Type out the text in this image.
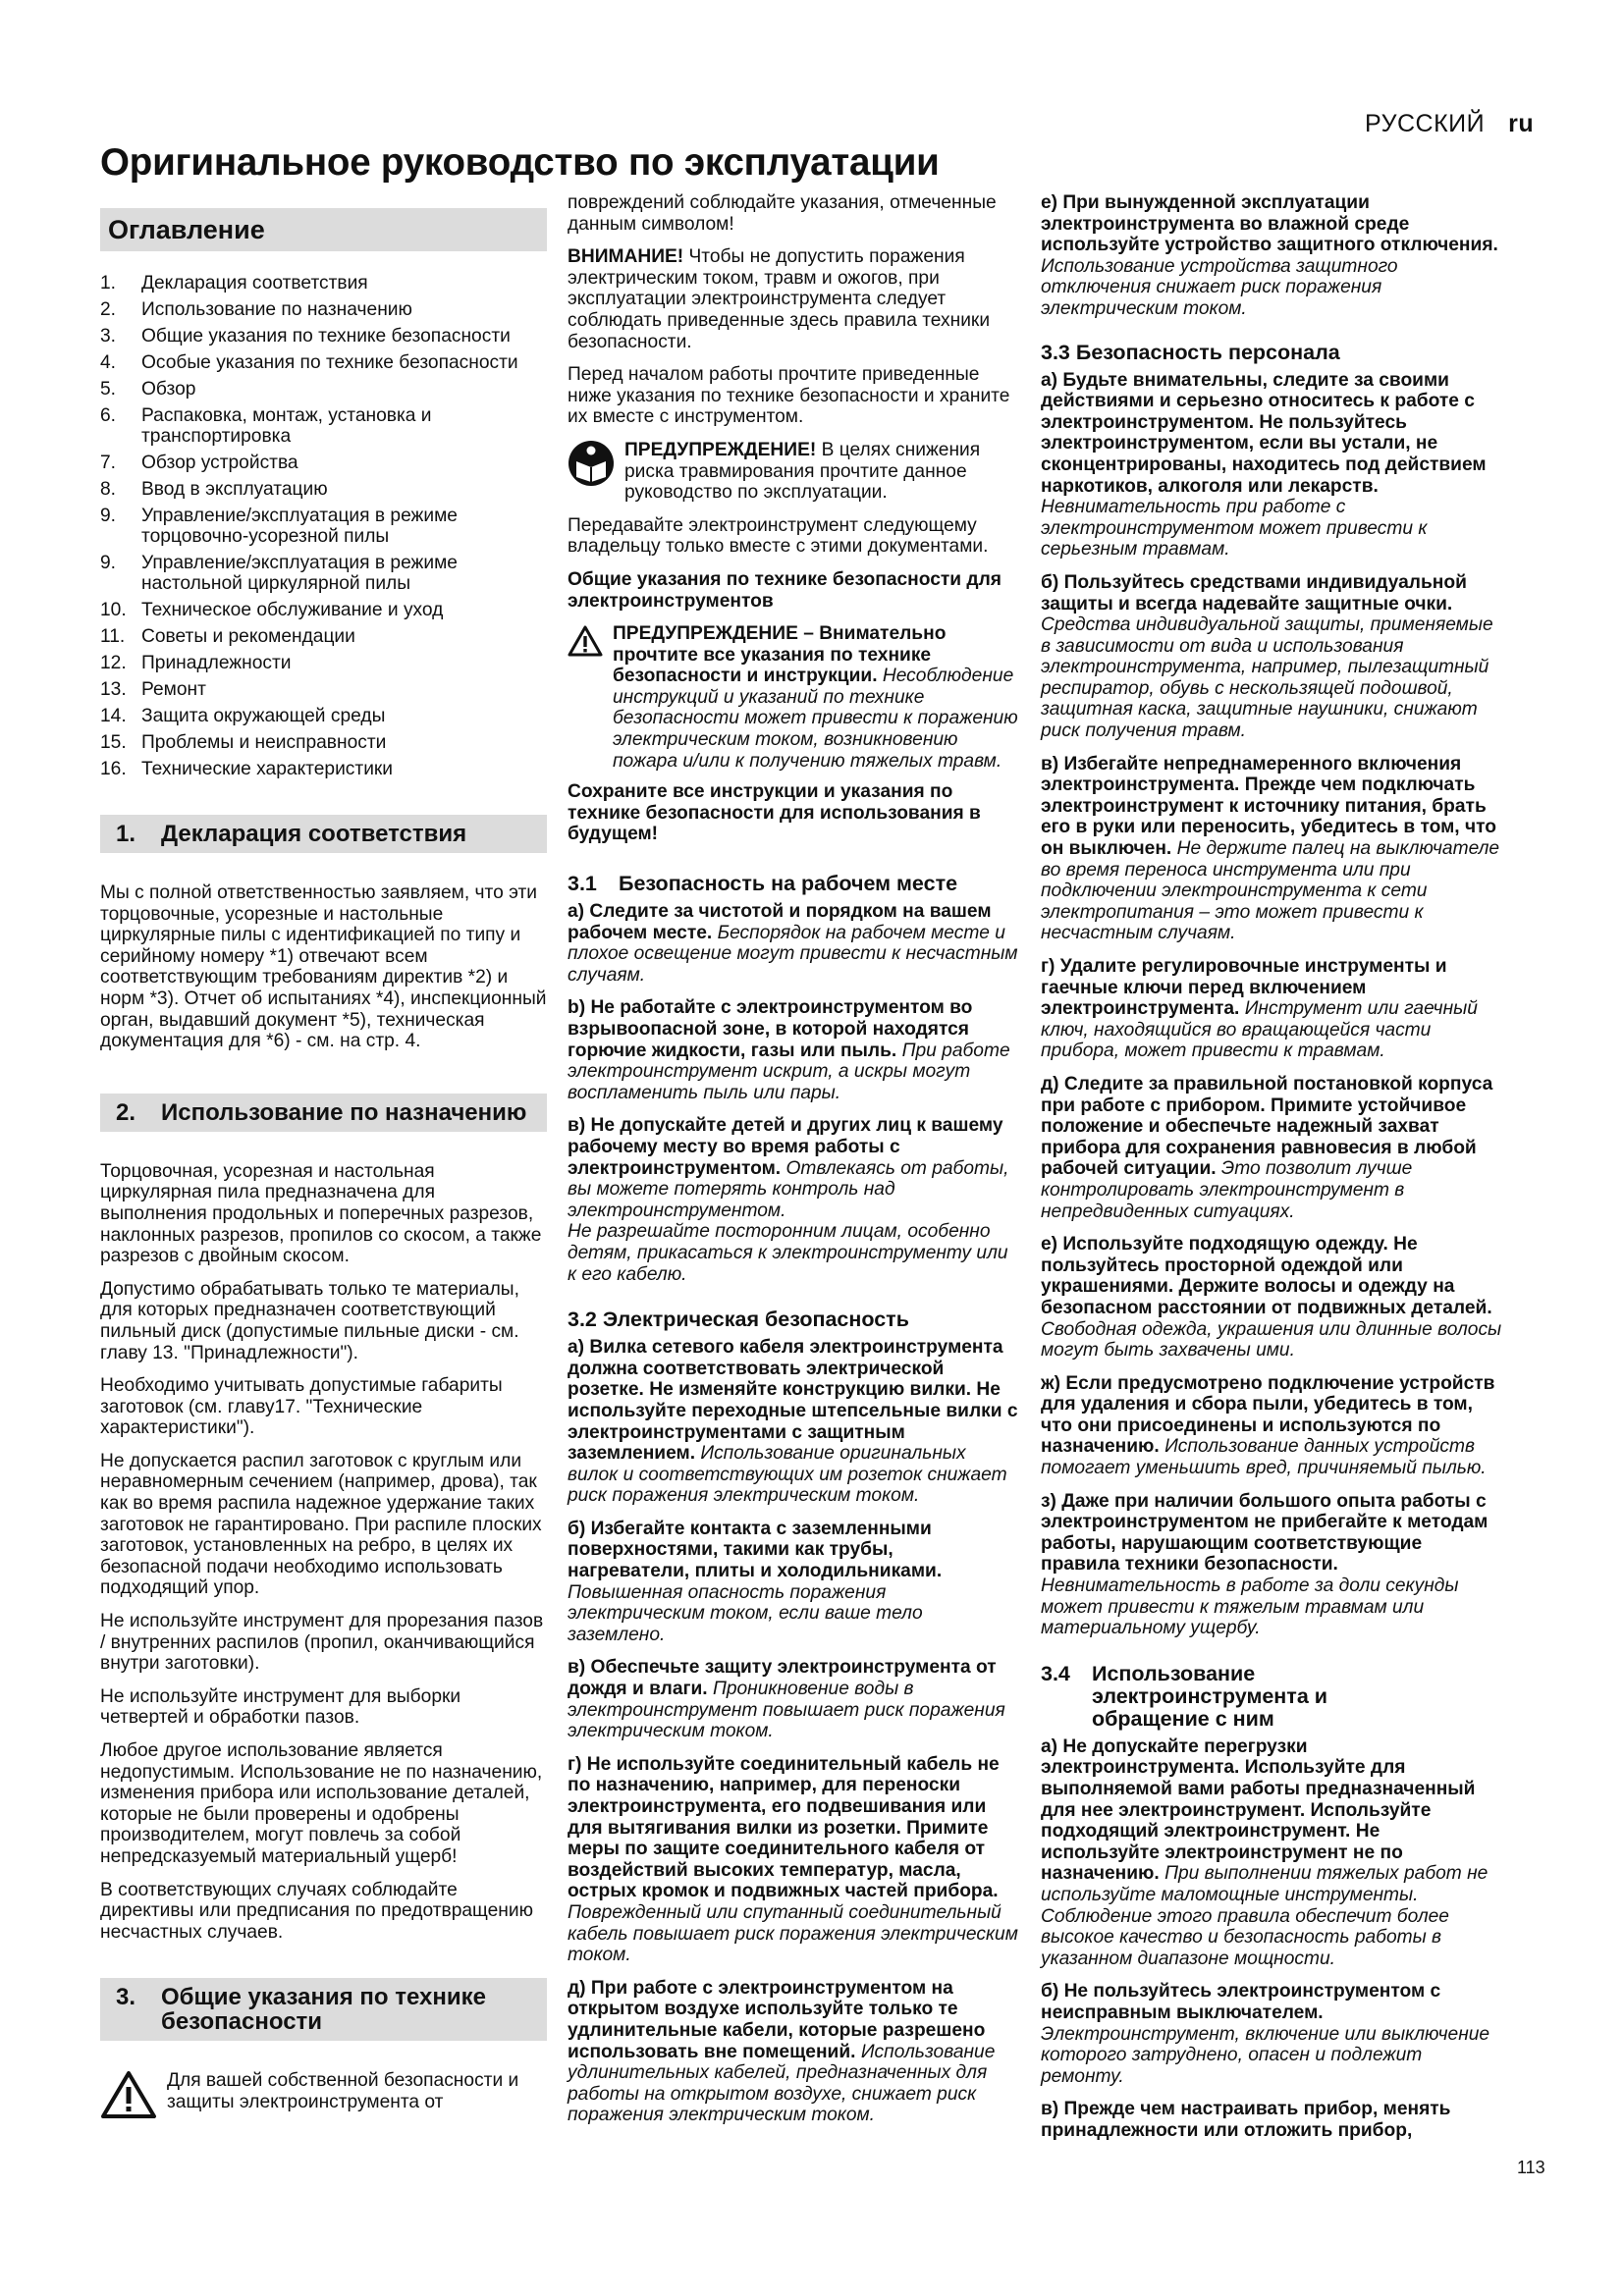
РУССКИЙ ru
Оригинальное руководство по эксплуатации
Оглавление
1. Декларация соответствия
2. Использование по назначению
3. Общие указания по технике безопасности
4. Особые указания по технике безопасности
5. Обзор
6. Распаковка, монтаж, установка и транспортировка
7. Обзор устройства
8. Ввод в эксплуатацию
9. Управление/эксплуатация в режиме торцовочно-усорезной пилы
9. Управление/эксплуатация в режиме настольной циркулярной пилы
10. Техническое обслуживание и уход
11. Советы и рекомендации
12. Принадлежности
13. Ремонт
14. Защита окружающей среды
15. Проблемы и неисправности
16. Технические характеристики
1. Декларация соответствия

Мы с полной ответственностью заявляем, что эти торцовочные, усорезные и настольные циркулярные пилы с идентификацией по типу и серийному номеру *1) отвечают всем соответствующим требованиям директив *2) и норм *3). Отчет об испытаниях *4), инспекционный орган, выдавший документ *5), техническая документация для *6) - см. на стр. 4.

2. Использование по назначению

Торцовочная, усорезная и настольная циркулярная пила предназначена для выполнения продольных и поперечных разрезов, наклонных разрезов, пропилов со скосом, а также разрезов с двойным скосом.

Допустимо обрабатывать только те материалы, для которых предназначен соответствующий пильный диск (допустимые пильные диски - см. главу 13. "Принадлежности").

Необходимо учитывать допустимые габариты заготовок (см. главу17. "Технические характеристики").

Не допускается распил заготовок с круглым или неравномерным сечением (например, дрова), так как во время распила надежное удержание таких заготовок не гарантировано. При распиле плоских заготовок, установленных на ребро, в целях их безопасной подачи необходимо использовать подходящий упор.

Не используйте инструмент для прорезания пазов / внутренних распилов (пропил, оканчивающийся внутри заготовки).

Не используйте инструмент для выборки четвертей и обработки пазов.

Любое другое использование является недопустимым. Использование не по назначению, изменения прибора или использование деталей, которые не были проверены и одобрены производителем, могут повлечь за собой непредсказуемый материальный ущерб!

В соответствующих случаях соблюдайте директивы или предписания по предотвращению несчастных случаев.

3. Общие указания по технике безопасности
Для вашей собственной безопасности и защиты электроинструмента от

повреждений соблюдайте указания, отмеченные данным символом!

ВНИМАНИЕ! Чтобы не допустить поражения электрическим током, травм и ожогов, при эксплуатации электроинструмента следует соблюдать приведенные здесь правила техники безопасности.

Перед началом работы прочтите приведенные ниже указания по технике безопасности и храните их вместе с инструментом.

ПРЕДУПРЕЖДЕНИЕ! В целях снижения риска травмирования прочтите данное руководство по эксплуатации.

Передавайте электроинструмент следующему владельцу только вместе с этими документами.

Общие указания по технике безопасности для электроинструментов

ПРЕДУПРЕЖДЕНИЕ – Внимательно прочтите все указания по технике безопасности и инструкции. Несоблюдение инструкций и указаний по технике безопасности может привести к поражению электрическим током, возникновению пожара и/или к получению тяжелых травм.

Сохраните все инструкции и указания по технике безопасности для использования в будущем!

3.1 Безопасность на рабочем месте

a) Следите за чистотой и порядком на вашем рабочем месте. Беспорядок на рабочем месте и плохое освещение могут привести к несчастным случаям.

b) Не работайте с электроинструментом во взрывоопасной зоне, в которой находятся горючие жидкости, газы или пыль. При работе электроинструмент искрит, а искры могут воспламенить пыль или пары.

в) Не допускайте детей и других лиц к вашему рабочему месту во время работы с электроинструментом. Отвлекаясь от работы, вы можете потерять контроль над электроинструментом.

Не разрешайте посторонним лицам, особенно детям, прикасаться к электроинструменту или к его кабелю.

3.2 Электрическая безопасность

а) Вилка сетевого кабеля электроинструмента должна соответствовать электрической розетке. Не изменяйте конструкцию вилки. Не используйте переходные штепсельные вилки с электроинструментами с защитным заземлением. Использование оригинальных вилок и соответствующих им розеток снижает риск поражения электрическим током.

б) Избегайте контакта с заземленными поверхностями, такими как трубы, нагреватели, плиты и холодильниками. Повышенная опасность поражения электрическим током, если ваше тело заземлено.

в) Обеспечьте защиту электроинструмента от дождя и влаги. Проникновение воды в электроинструмент повышает риск поражения электрическим током.

г) Не используйте соединительный кабель не по назначению, например, для переноски электроинструмента, его подвешивания или для вытягивания вилки из розетки. Примите меры по защите соединительного кабеля от воздействий высоких температур, масла, острых кромок и подвижных частей прибора. Поврежденный или спутанный соединительный кабель повышает риск поражения электрическим током.

д) При работе с электроинструментом на открытом воздухе используйте только те удлинительные кабели, которые разрешено использовать вне помещений. Использование удлинительных кабелей, предназначенных для работы на открытом воздухе, снижает риск поражения электрическим током.

е) При вынужденной эксплуатации электроинструмента во влажной среде используйте устройство защитного отключения. Использование устройства защитного отключения снижает риск поражения электрическим током.

3.3 Безопасность персонала

а) Будьте внимательны, следите за своими действиями и серьезно относитесь к работе с электроинструментом. Не пользуйтесь электроинструментом, если вы устали, не сконцентрированы, находитесь под действием наркотиков, алкоголя или лекарств. Невнимательность при работе с электроинструментом может привести к серьезным травмам.

б) Пользуйтесь средствами индивидуальной защиты и всегда надевайте защитные очки. Средства индивидуальной защиты, применяемые в зависимости от вида и использования электроинструмента, например, пылезащитный респиратор, обувь с нескользящей подошвой, защитная каска, защитные наушники, снижают риск получения травм.

в) Избегайте непреднамеренного включения электроинструмента. Прежде чем подключать электроинструмент к источнику питания, брать его в руки или переносить, убедитесь в том, что он выключен. Не держите палец на выключателе во время переноса инструмента или при подключении электроинструмента к сети электропитания – это может привести к несчастным случаям.

г) Удалите регулировочные инструменты и гаечные ключи перед включением электроинструмента. Инструмент или гаечный ключ, находящийся во вращающейся части прибора, может привести к травмам.

д) Следите за правильной постановкой корпуса при работе с прибором. Примите устойчивое положение и обеспечьте надежный захват прибора для сохранения равновесия в любой рабочей ситуации. Это позволит лучше контролировать электроинструмент в непредвиденных ситуациях.

е) Используйте подходящую одежду. Не пользуйтесь просторной одеждой или украшениями. Держите волосы и одежду на безопасном расстоянии от подвижных деталей. Свободная одежда, украшения или длинные волосы могут быть захвачены ими.

ж) Если предусмотрено подключение устройств для удаления и сбора пыли, убедитесь в том, что они присоединены и используются по назначению. Использование данных устройств помогает уменьшить вред, причиняемый пылью.

з) Даже при наличии большого опыта работы с электроинструментом не прибегайте к методам работы, нарушающим соответствующие правила техники безопасности. Невнимательность в работе за доли секунды может привести к тяжелым травмам или материальному ущербу.

3.4 Использование электроинструмента и обращение с ним

а) Не допускайте перегрузки электроинструмента. Используйте для выполняемой вами работы предназначенный для нее электроинструмент. Используйте подходящий электроинструмент. Не используйте электроинструмент не по назначению. При выполнении тяжелых работ не используйте маломощные инструменты. Соблюдение этого правила обеспечит более высокое качество и безопасность работы в указанном диапазоне мощности.

б) Не пользуйтесь электроинструментом с неисправным выключателем. Электроинструмент, включение или выключение которого затруднено, опасен и подлежит ремонту.

в) Прежде чем настраивать прибор, менять принадлежности или отложить прибор,

113
